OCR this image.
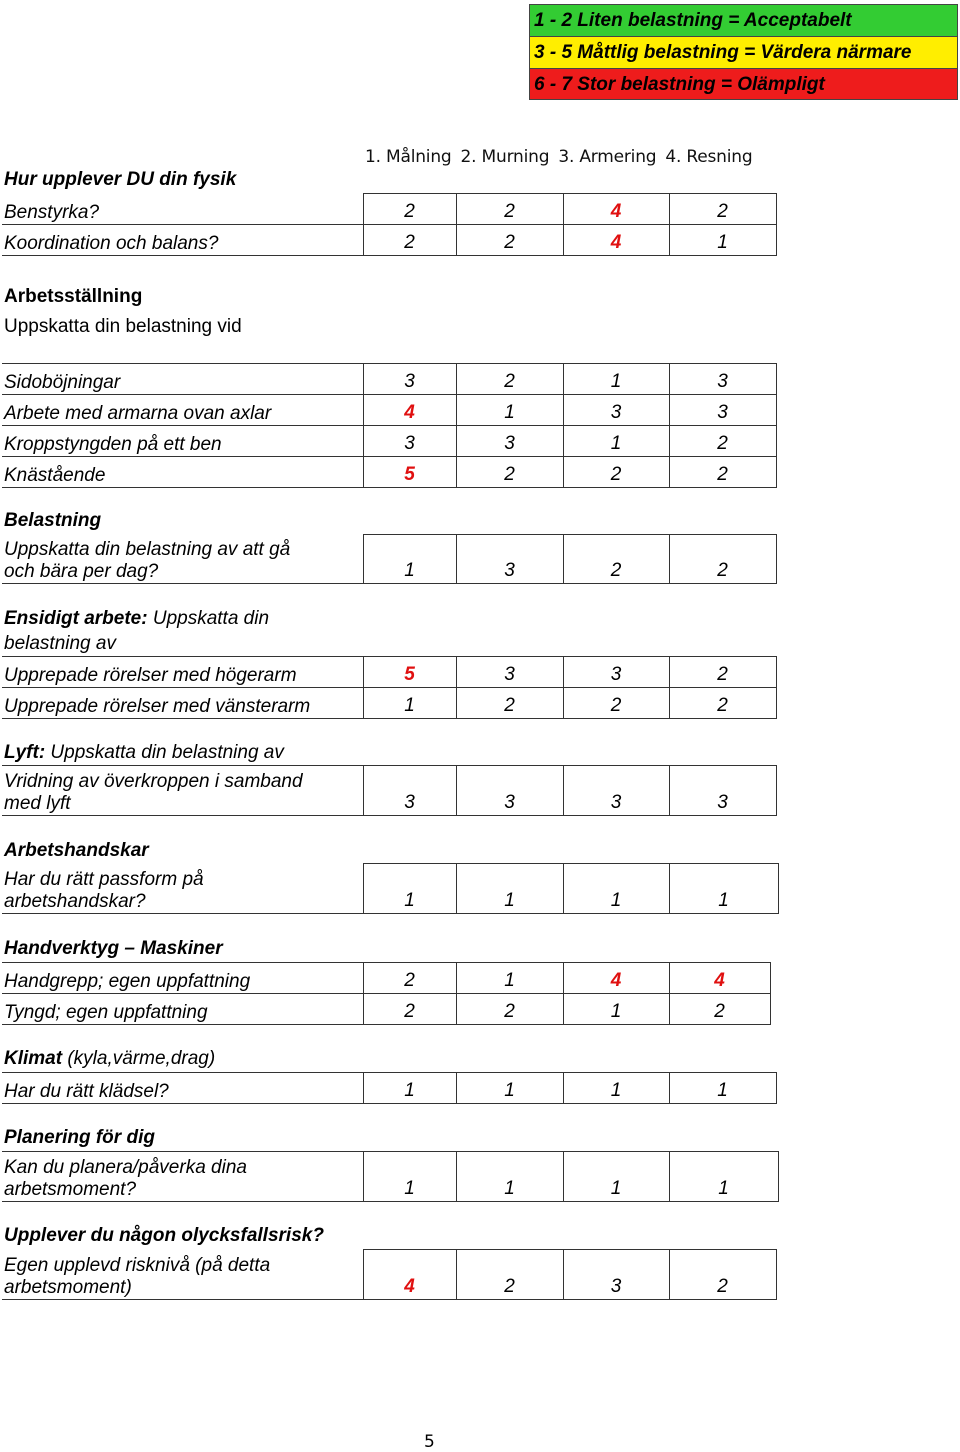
1 - 2 Liten belastning = Acceptabelt
3 - 5 Måttlig belastning = Värdera närmare
6 - 7 Stor belastning = Olämpligt
1. Målning 2. Murning 3. Armering 4. Resning
Hur upplever DU din fysik
Benstyrka?	2	2	4	2
Koordination och balans?	2	2	4	1
Arbetsställning
Uppskatta din belastning vid
Sidoböjningar	3	2	1	3
Arbete med armarna ovan axlar	4	1	3	3
Kroppstyngden på ett ben	3	3	1	2
Knästående	5	2	2	2
Belastning
Uppskatta din belastning av att gå
och bära per dag?	1	3	2	2
Ensidigt arbete: Uppskatta din
belastning av
Upprepade rörelser med högerarm	5	3	3	2
Upprepade rörelser med vänsterarm	1	2	2	2
Lyft: Uppskatta din belastning av
Vridning av överkroppen i samband
med lyft	3	3	3	3
Arbetshandskar
Har du rätt passform på
arbetshandskar?	1	1	1	1
Handverktyg – Maskiner
Handgrepp; egen uppfattning	2	1	4	4
Tyngd; egen uppfattning	2	2	1	2
Klimat (kyla,värme,drag)
Har du rätt klädsel?	1	1	1	1
Planering för dig
Kan du planera/påverka dina
arbetsmoment?	1	1	1	1
Upplever du någon olycksfallsrisk?
Egen upplevd risknivå (på detta
arbetsmoment)	4	2	3	2
5
